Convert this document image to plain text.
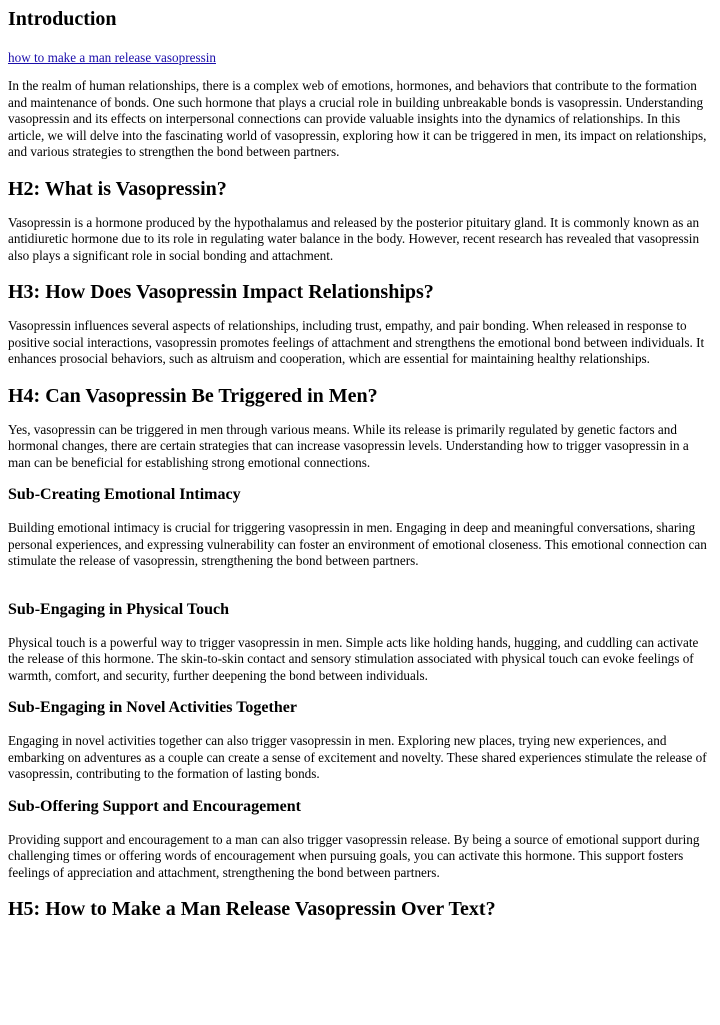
Introduction
how to make a man release vasopressin

In the realm of human relationships, there is a complex web of emotions, hormones, and behaviors that contribute to the formation and maintenance of bonds. One such hormone that plays a crucial role in building unbreakable bonds is vasopressin. Understanding vasopressin and its effects on interpersonal connections can provide valuable insights into the dynamics of relationships. In this article, we will delve into the fascinating world of vasopressin, exploring how it can be triggered in men, its impact on relationships, and various strategies to strengthen the bond between partners.

H2: What is Vasopressin?

Vasopressin is a hormone produced by the hypothalamus and released by the posterior pituitary gland. It is commonly known as an antidiuretic hormone due to its role in regulating water balance in the body. However, recent research has revealed that vasopressin also plays a significant role in social bonding and attachment.

H3: How Does Vasopressin Impact Relationships?

Vasopressin influences several aspects of relationships, including trust, empathy, and pair bonding. When released in response to positive social interactions, vasopressin promotes feelings of attachment and strengthens the emotional bond between individuals. It enhances prosocial behaviors, such as altruism and cooperation, which are essential for maintaining healthy relationships.

H4: Can Vasopressin Be Triggered in Men?

Yes, vasopressin can be triggered in men through various means. While its release is primarily regulated by genetic factors and hormonal changes, there are certain strategies that can increase vasopressin levels. Understanding how to trigger vasopressin in a man can be beneficial for establishing strong emotional connections.

Sub-Creating Emotional Intimacy

Building emotional intimacy is crucial for triggering vasopressin in men. Engaging in deep and meaningful conversations, sharing personal experiences, and expressing vulnerability can foster an environment of emotional closeness. This emotional connection can stimulate the release of vasopressin, strengthening the bond between partners.

Sub-Engaging in Physical Touch

Physical touch is a powerful way to trigger vasopressin in men. Simple acts like holding hands, hugging, and cuddling can activate the release of this hormone. The skin-to-skin contact and sensory stimulation associated with physical touch can evoke feelings of warmth, comfort, and security, further deepening the bond between individuals.

Sub-Engaging in Novel Activities Together

Engaging in novel activities together can also trigger vasopressin in men. Exploring new places, trying new experiences, and embarking on adventures as a couple can create a sense of excitement and novelty. These shared experiences stimulate the release of vasopressin, contributing to the formation of lasting bonds.

Sub-Offering Support and Encouragement

Providing support and encouragement to a man can also trigger vasopressin release. By being a source of emotional support during challenging times or offering words of encouragement when pursuing goals, you can activate this hormone. This support fosters feelings of appreciation and attachment, strengthening the bond between partners.

H5: How to Make a Man Release Vasopressin Over Text?
